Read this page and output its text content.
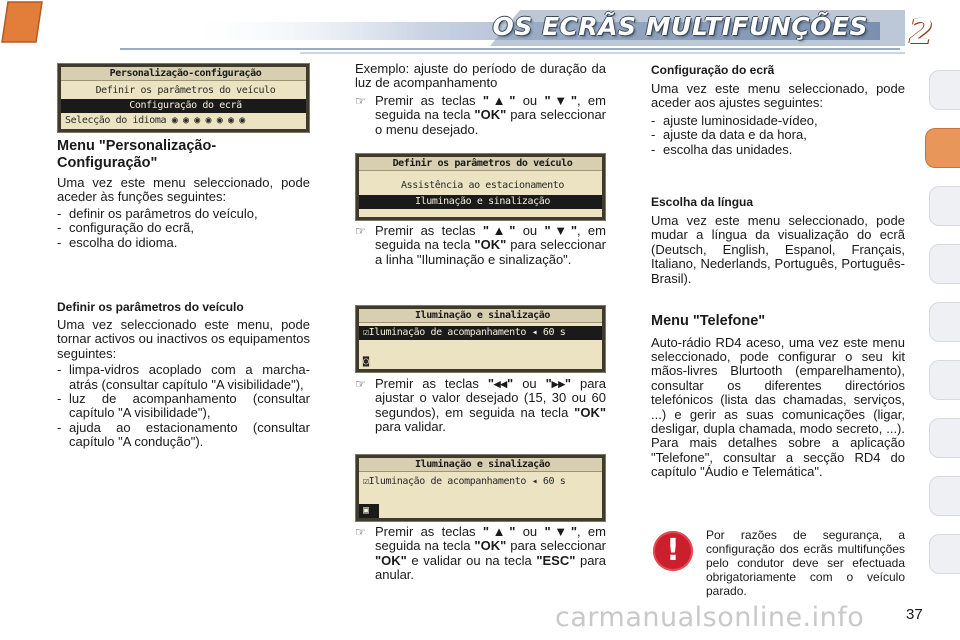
OS ECRÃS MULTIFUNÇÕES 2
Personalização-configuração
Definir os parâmetros do veículo
Configuração do ecrã
Selecção do idioma ◉ ◉ ◉ ◉ ◉ ◉ ◉
Definir os parâmetros do veículo
Assistência ao estacionamento
Iluminação e sinalização
Iluminação e sinalização
☑Iluminação de acompanhamento ◂ 60 s
◙
Iluminação e sinalização
☑Iluminação de acompanhamento ◂ 60 s
▣
Menu "Personalização-Configuração"

Uma vez este menu seleccionado, pode aceder às funções seguintes:

- definir os parâmetros do veículo,
- configuração do ecrã,
- escolha do idioma.
Definir os parâmetros do veículo

Uma vez seleccionado este menu, pode tornar activos ou inactivos os equipamentos seguintes:

- limpa-vidros acoplado com a marcha-atrás (consultar capítulo "A visibilidade"),
- luz de acompanhamento (consultar capítulo "A visibilidade"),
- ajuda ao estacionamento (consultar capítulo "A condução").

Exemplo: ajuste do período de duração da luz de acompanhamento

☞ Premir as teclas "▲" ou "▼", em seguida na tecla "OK" para seleccionar o menu desejado.
☞ Premir as teclas "▲" ou "▼", em seguida na tecla "OK" para seleccionar a linha "Iluminação e sinalização".
☞ Premir as teclas "◂◂" ou "▸▸" para ajustar o valor desejado (15, 30 ou 60 segundos), em seguida na tecla "OK" para validar.
☞ Premir as teclas "▲" ou "▼", em seguida na tecla "OK" para seleccionar "OK" e validar ou na tecla "ESC" para anular.
Configuração do ecrã

Uma vez este menu seleccionado, pode aceder aos ajustes seguintes:

- ajuste luminosidade-vídeo,
- ajuste da data e da hora,
- escolha das unidades.
Escolha da língua

Uma vez este menu seleccionado, pode mudar a língua da visualização do ecrã (Deutsch, English, Espanol, Français, Italiano, Nederlands, Português, Português-Brasil).

Menu "Telefone"

Auto-rádio RD4 aceso, uma vez este menu seleccionado, pode configurar o seu kit mãos-livres Blurtooth (emparelhamento), consultar os diferentes directórios telefónicos (lista das chamadas, serviços, ...) e gerir as suas comunicações (ligar, desligar, dupla chamada, modo secreto, ...). Para mais detalhes sobre a aplicação "Telefone", consultar a secção RD4 do capítulo "Áudio e Telemática".

!

Por razões de segurança, a configuração dos ecrãs multifunções pelo condutor deve ser efectuada obrigatoriamente com o veículo parado.

carmanualsonline.info	37
